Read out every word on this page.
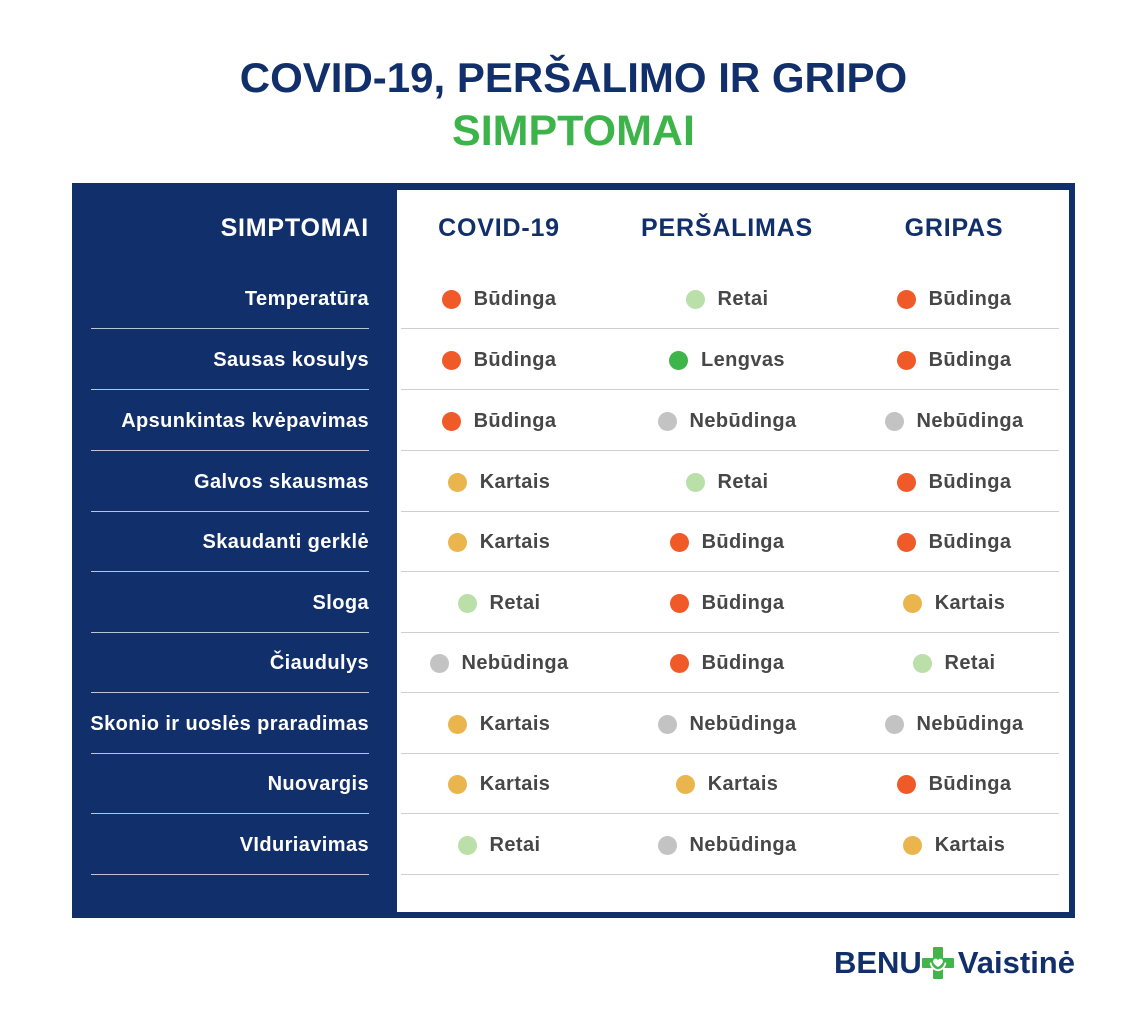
COVID-19, PERŠALIMO IR GRIPO
SIMPTOMAI
SIMPTOMAI	COVID-19	PERŠALIMAS	GRIPAS
Temperatūra	Būdinga	Retai	Būdinga
Sausas kosulys	Būdinga	Lengvas	Būdinga
Apsunkintas kvėpavimas	Būdinga	Nebūdinga	Nebūdinga
Galvos skausmas	Kartais	Retai	Būdinga
Skaudanti gerklė	Kartais	Būdinga	Būdinga
Sloga	Retai	Būdinga	Kartais
Čiaudulys	Nebūdinga	Būdinga	Retai
Skonio ir uoslės praradimas	Kartais	Nebūdinga	Nebūdinga
Nuovargis	Kartais	Kartais	Būdinga
VIduriavimas	Retai	Nebūdinga	Kartais
BENU Vaistinė
